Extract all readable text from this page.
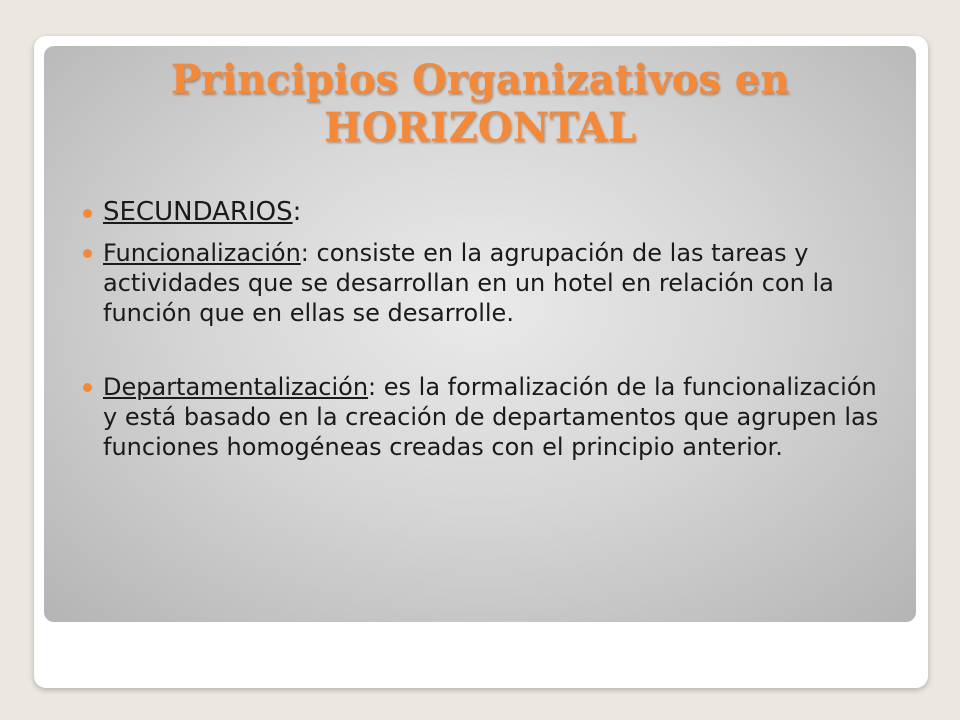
Principios Organizativos en
HORIZONTAL
SECUNDARIOS:
Funcionalización: consiste en la agrupación de las tareas y actividades que se desarrollan en un hotel en relación con la función que en ellas se desarrolle.
Departamentalización: es la formalización de la funcionalización y está basado en la creación de departamentos que agrupen las funciones homogéneas creadas con el principio anterior.
